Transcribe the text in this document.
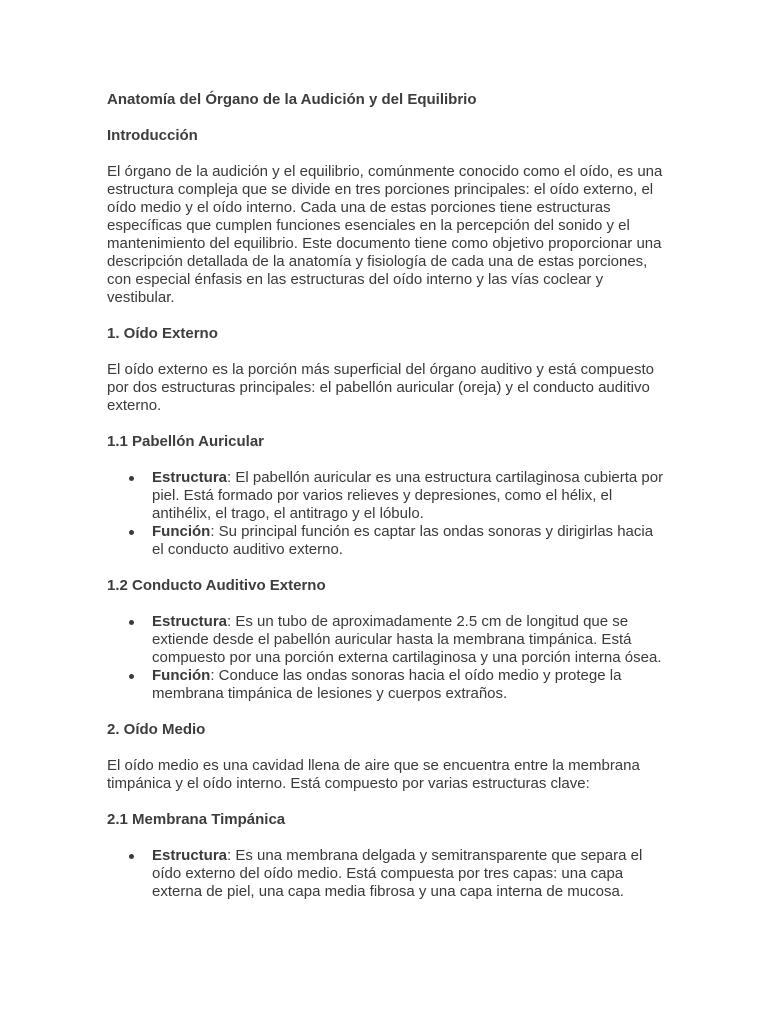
Anatomía del Órgano de la Audición y del Equilibrio
Introducción

El órgano de la audición y el equilibrio, comúnmente conocido como el oído, es una estructura compleja que se divide en tres porciones principales: el oído externo, el oído medio y el oído interno. Cada una de estas porciones tiene estructuras específicas que cumplen funciones esenciales en la percepción del sonido y el mantenimiento del equilibrio. Este documento tiene como objetivo proporcionar una descripción detallada de la anatomía y fisiología de cada una de estas porciones, con especial énfasis en las estructuras del oído interno y las vías coclear y vestibular.

1. Oído Externo

El oído externo es la porción más superficial del órgano auditivo y está compuesto por dos estructuras principales: el pabellón auricular (oreja) y el conducto auditivo externo.

1.1 Pabellón Auricular
Estructura: El pabellón auricular es una estructura cartilaginosa cubierta por piel. Está formado por varios relieves y depresiones, como el hélix, el antihélix, el trago, el antitrago y el lóbulo.
Función: Su principal función es captar las ondas sonoras y dirigirlas hacia el conducto auditivo externo.
1.2 Conducto Auditivo Externo
Estructura: Es un tubo de aproximadamente 2.5 cm de longitud que se extiende desde el pabellón auricular hasta la membrana timpánica. Está compuesto por una porción externa cartilaginosa y una porción interna ósea.
Función: Conduce las ondas sonoras hacia el oído medio y protege la membrana timpánica de lesiones y cuerpos extraños.
2. Oído Medio

El oído medio es una cavidad llena de aire que se encuentra entre la membrana timpánica y el oído interno. Está compuesto por varias estructuras clave:

2.1 Membrana Timpánica
Estructura: Es una membrana delgada y semitransparente que separa el oído externo del oído medio. Está compuesta por tres capas: una capa externa de piel, una capa media fibrosa y una capa interna de mucosa.
